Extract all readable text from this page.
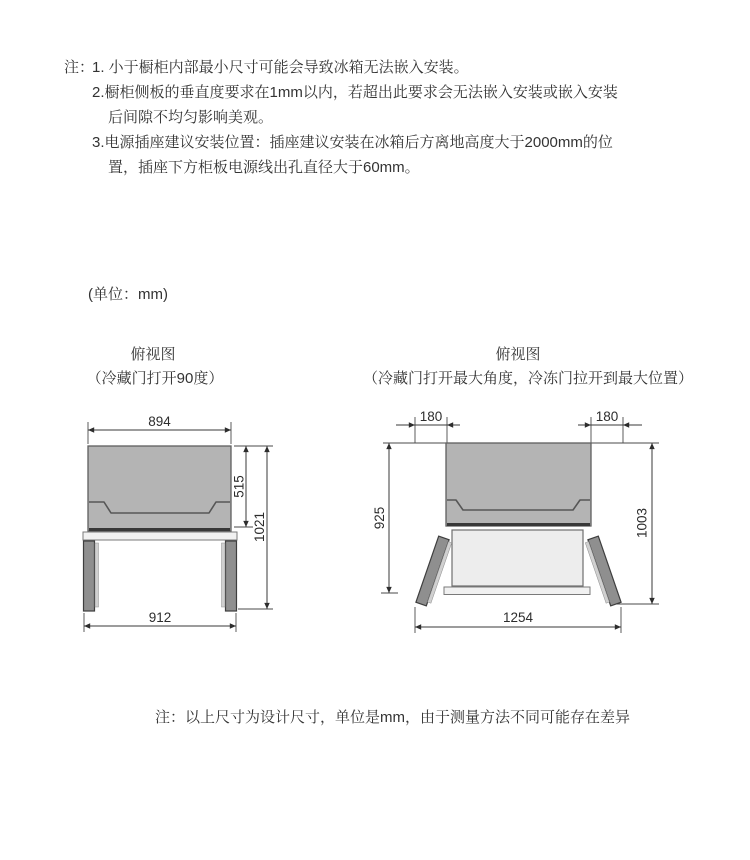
注：

1. 小于橱柜内部最小尺寸可能会导致冰箱无法嵌入安装。

2.橱柜侧板的垂直度要求在1mm以内，若超出此要求会无法嵌入安装或嵌入安装后间隙不均匀影响美观。

3.电源插座建议安装位置：插座建议安装在冰箱后方离地高度大于2000mm的位置，插座下方柜板电源线出孔直径大于60mm。

(单位：mm)
俯视图
（冷藏门打开90度）
俯视图
（冷藏门打开最大角度，冷冻门拉开到最大位置）
894
515
1021
912
180	180
925	1003
1254
注：以上尺寸为设计尺寸，单位是mm，由于测量方法不同可能存在差异
